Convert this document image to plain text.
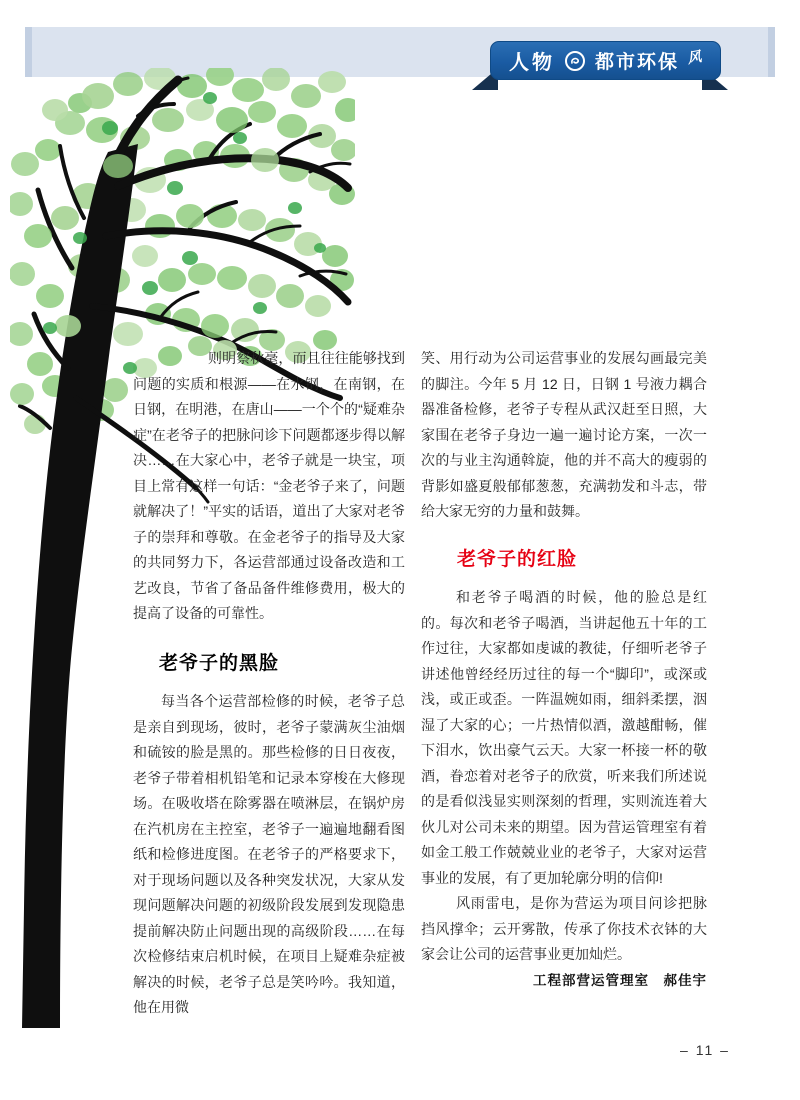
人物 都市环保 风

则明察秋毫，而且往往能够找到问题的实质和根源——在水钢，在南钢，在日钢，在明港，在唐山——一个个的“疑难杂症”在老爷子的把脉问诊下问题都逐步得以解决……在大家心中，老爷子就是一块宝，项目上常有这样一句话：“金老爷子来了，问题就解决了！”平实的话语，道出了大家对老爷子的崇拜和尊敬。在金老爷子的指导及大家的共同努力下，各运营部通过设备改造和工艺改良，节省了备品备件维修费用，极大的提高了设备的可靠性。

老爷子的黑脸

每当各个运营部检修的时候，老爷子总是亲自到现场，彼时，老爷子蒙满灰尘油烟和硫铵的脸是黑的。那些检修的日日夜夜，老爷子带着相机铅笔和记录本穿梭在大修现场。在吸收塔在除雾器在喷淋层，在锅炉房在汽机房在主控室，老爷子一遍遍地翻看图纸和检修进度图。在老爷子的严格要求下，对于现场问题以及各种突发状况，大家从发现问题解决问题的初级阶段发展到发现隐患提前解决防止问题出现的高级阶段……在每次检修结束启机时候，在项目上疑难杂症被解决的时候，老爷子总是笑吟吟。我知道，他在用微

笑、用行动为公司运营事业的发展勾画最完美的脚注。今年 5 月 12 日，日钢 1 号液力耦合器准备检修，老爷子专程从武汉赶至日照，大家围在老爷子身边一遍一遍讨论方案，一次一次的与业主沟通斡旋，他的并不高大的瘦弱的背影如盛夏般郁郁葱葱，充满勃发和斗志，带给大家无穷的力量和鼓舞。

老爷子的红脸

和老爷子喝酒的时候，他的脸总是红的。每次和老爷子喝酒，当讲起他五十年的工作过往，大家都如虔诚的教徒，仔细听老爷子讲述他曾经经历过往的每一个“脚印”，或深或浅，或正或歪。一阵温婉如雨，细斜柔摆，洇湿了大家的心；一片热情似酒，激越酣畅，催下泪水，饮出豪气云天。大家一杯接一杯的敬酒，眷恋着对老爷子的欣赏，听来我们所述说的是看似浅显实则深刻的哲理，实则流连着大伙儿对公司未来的期望。因为营运管理室有着如金工般工作兢兢业业的老爷子，大家对运营事业的发展，有了更加轮廓分明的信仰!

风雨雷电，是你为营运为项目问诊把脉挡风撑伞；云开雾散，传承了你技术衣钵的大家会让公司的运营事业更加灿烂。

工程部营运管理室　郝佳宇

– 11 –
